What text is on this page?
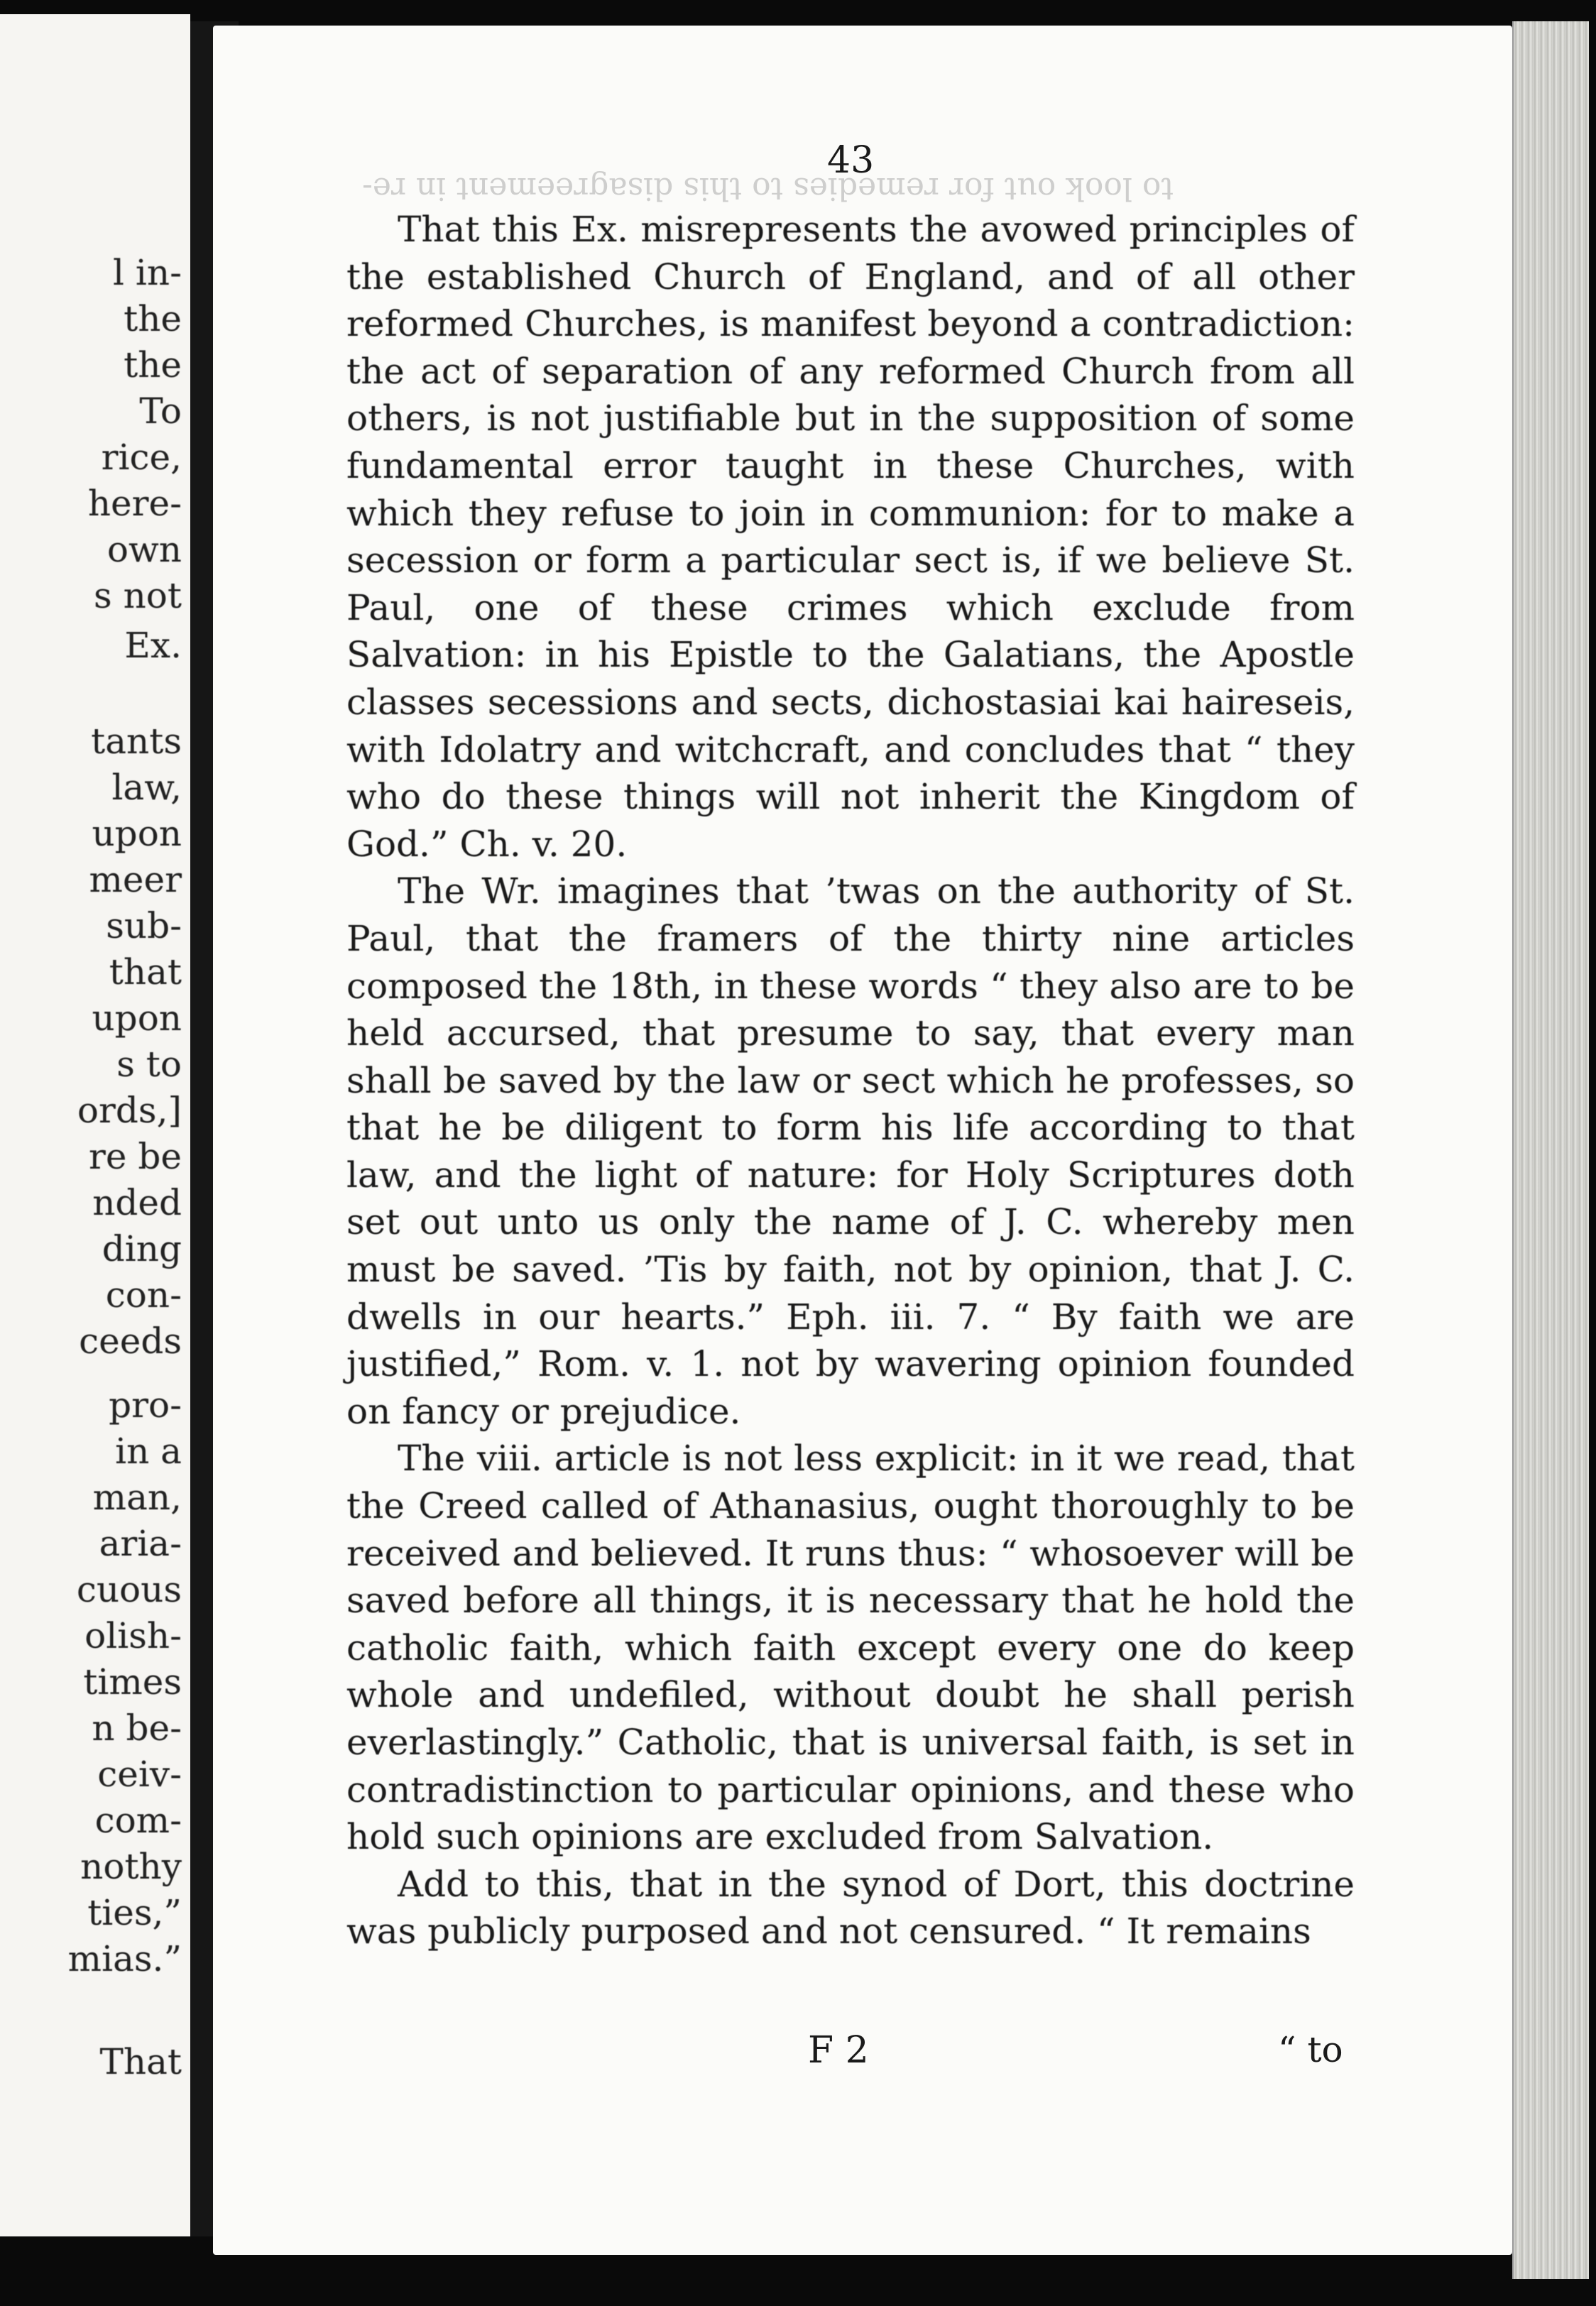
l in-
the
the
To
rice,
here-
own
s not
Ex.
tants
law,
upon
meer
sub-
that
upon
s to
ords,]
re be
nded
ding
con-
ceeds
pro-
in a
man,
aria-
cuous
olish-
times
n be-
ceiv-
com-
nothy
ties,”
mias.”
That
to look out for remedies to this disagreement in re-
43

That this Ex. misrepresents the avowed principles of the established Church of England, and of all other reformed Churches, is manifest beyond a contradiction: the act of separation of any reformed Church from all others, is not justifiable but in the supposition of some fundamental error taught in these Churches, with which they refuse to join in communion: for to make a secession or form a particular sect is, if we believe St. Paul, one of these crimes which exclude from Salvation: in his Epistle to the Galatians, the Apostle classes secessions and sects, dichostasiai kai haireseis, with Idolatry and witchcraft, and concludes that “ they who do these things will not inherit the Kingdom of God.” Ch. v. 20.

The Wr. imagines that ’twas on the authority of St. Paul, that the framers of the thirty nine articles composed the 18th, in these words “ they also are to be held accursed, that presume to say, that every man shall be saved by the law or sect which he professes, so that he be diligent to form his life according to that law, and the light of nature: for Holy Scriptures doth set out unto us only the name of J. C. whereby men must be saved. ’Tis by faith, not by opinion, that J. C. dwells in our hearts.” Eph. iii. 7. “ By faith we are justified,” Rom. v. 1. not by wavering opinion founded on fancy or prejudice.

The viii. article is not less explicit: in it we read, that the Creed called of Athanasius, ought thoroughly to be received and believed. It runs thus: “ whosoever will be saved before all things, it is necessary that he hold the catholic faith, which faith except every one do keep whole and undefiled, without doubt he shall perish everlastingly.” Catholic, that is universal faith, is set in contradistinction to particular opinions, and these who hold such opinions are excluded from Salvation.

Add to this, that in the synod of Dort, this doctrine was publicly purposed and not censured. “ It remains

F 2	“ to
